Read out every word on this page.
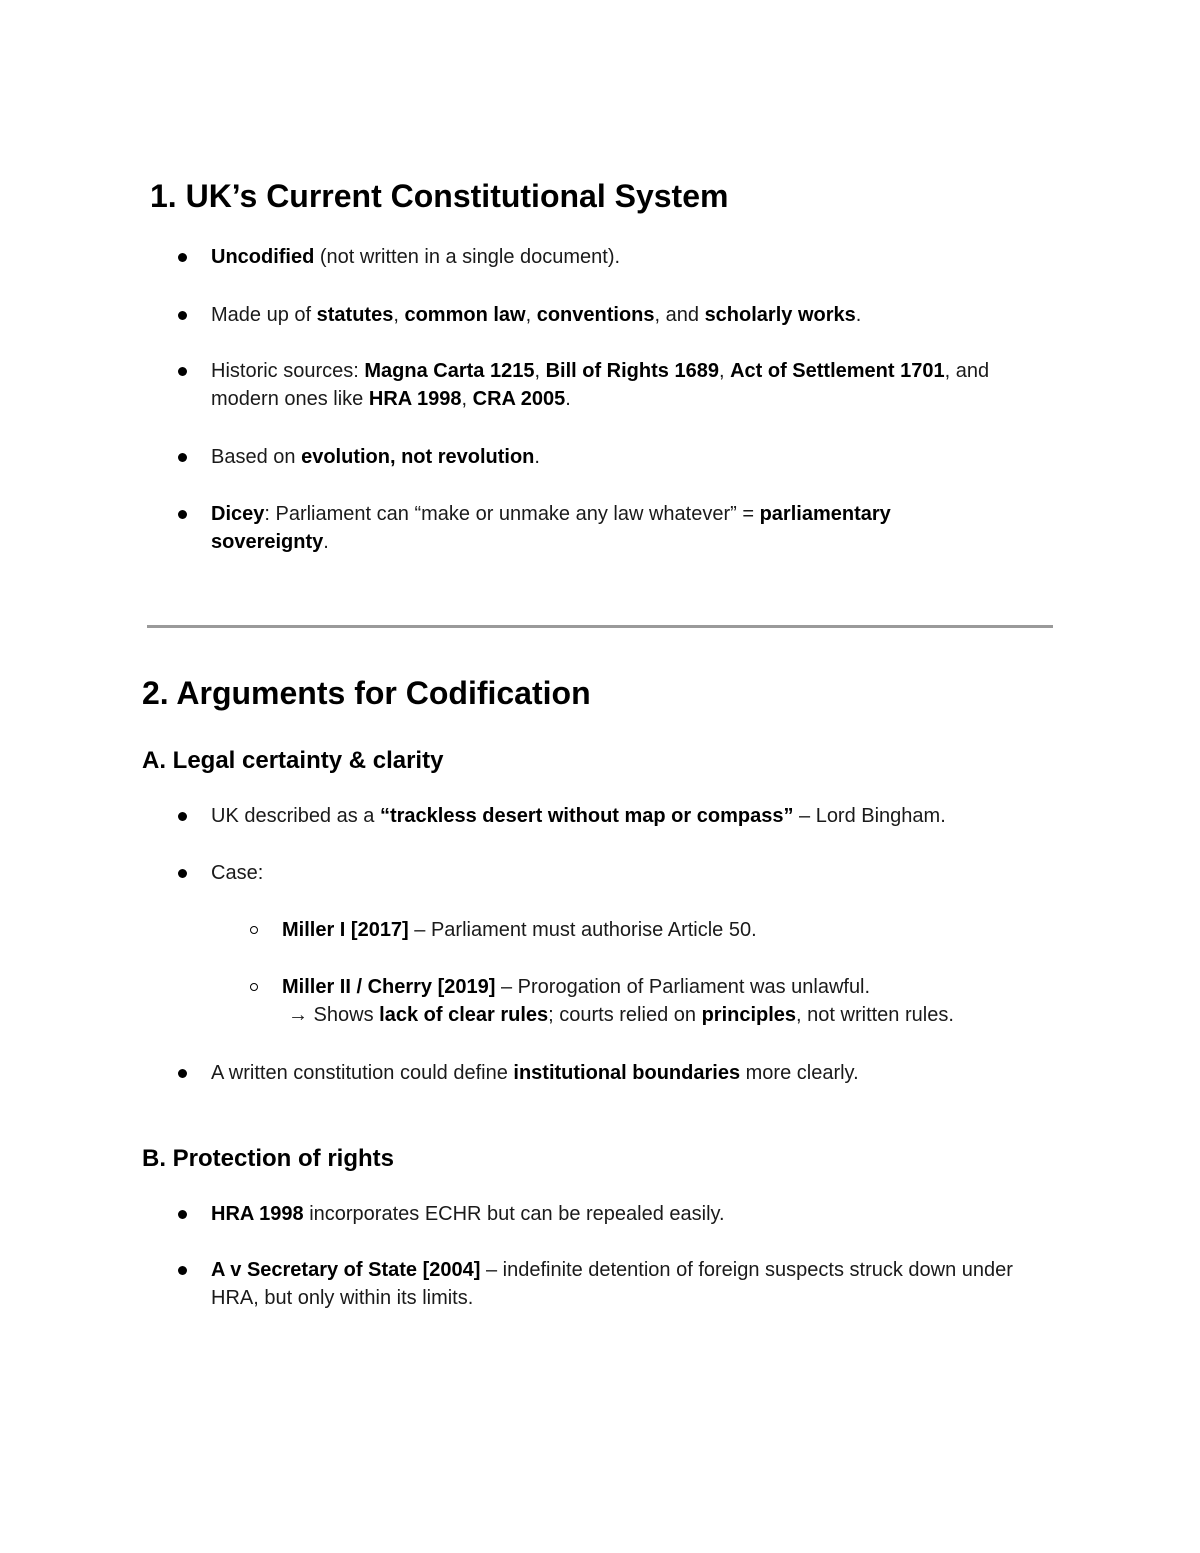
1. UK’s Current Constitutional System
Uncodified (not written in a single document).
Made up of statutes, common law, conventions, and scholarly works.
Historic sources: Magna Carta 1215, Bill of Rights 1689, Act of Settlement 1701, and modern ones like HRA 1998, CRA 2005.
Based on evolution, not revolution.
Dicey: Parliament can “make or unmake any law whatever” = parliamentary sovereignty.
2. Arguments for Codification
A. Legal certainty & clarity
UK described as a “trackless desert without map or compass” – Lord Bingham.
Case:
Miller I [2017] – Parliament must authorise Article 50.
Miller II / Cherry [2019] – Prorogation of Parliament was unlawful.
→ Shows lack of clear rules; courts relied on principles, not written rules.
A written constitution could define institutional boundaries more clearly.
B. Protection of rights
HRA 1998 incorporates ECHR but can be repealed easily.
A v Secretary of State [2004] – indefinite detention of foreign suspects struck down under HRA, but only within its limits.
